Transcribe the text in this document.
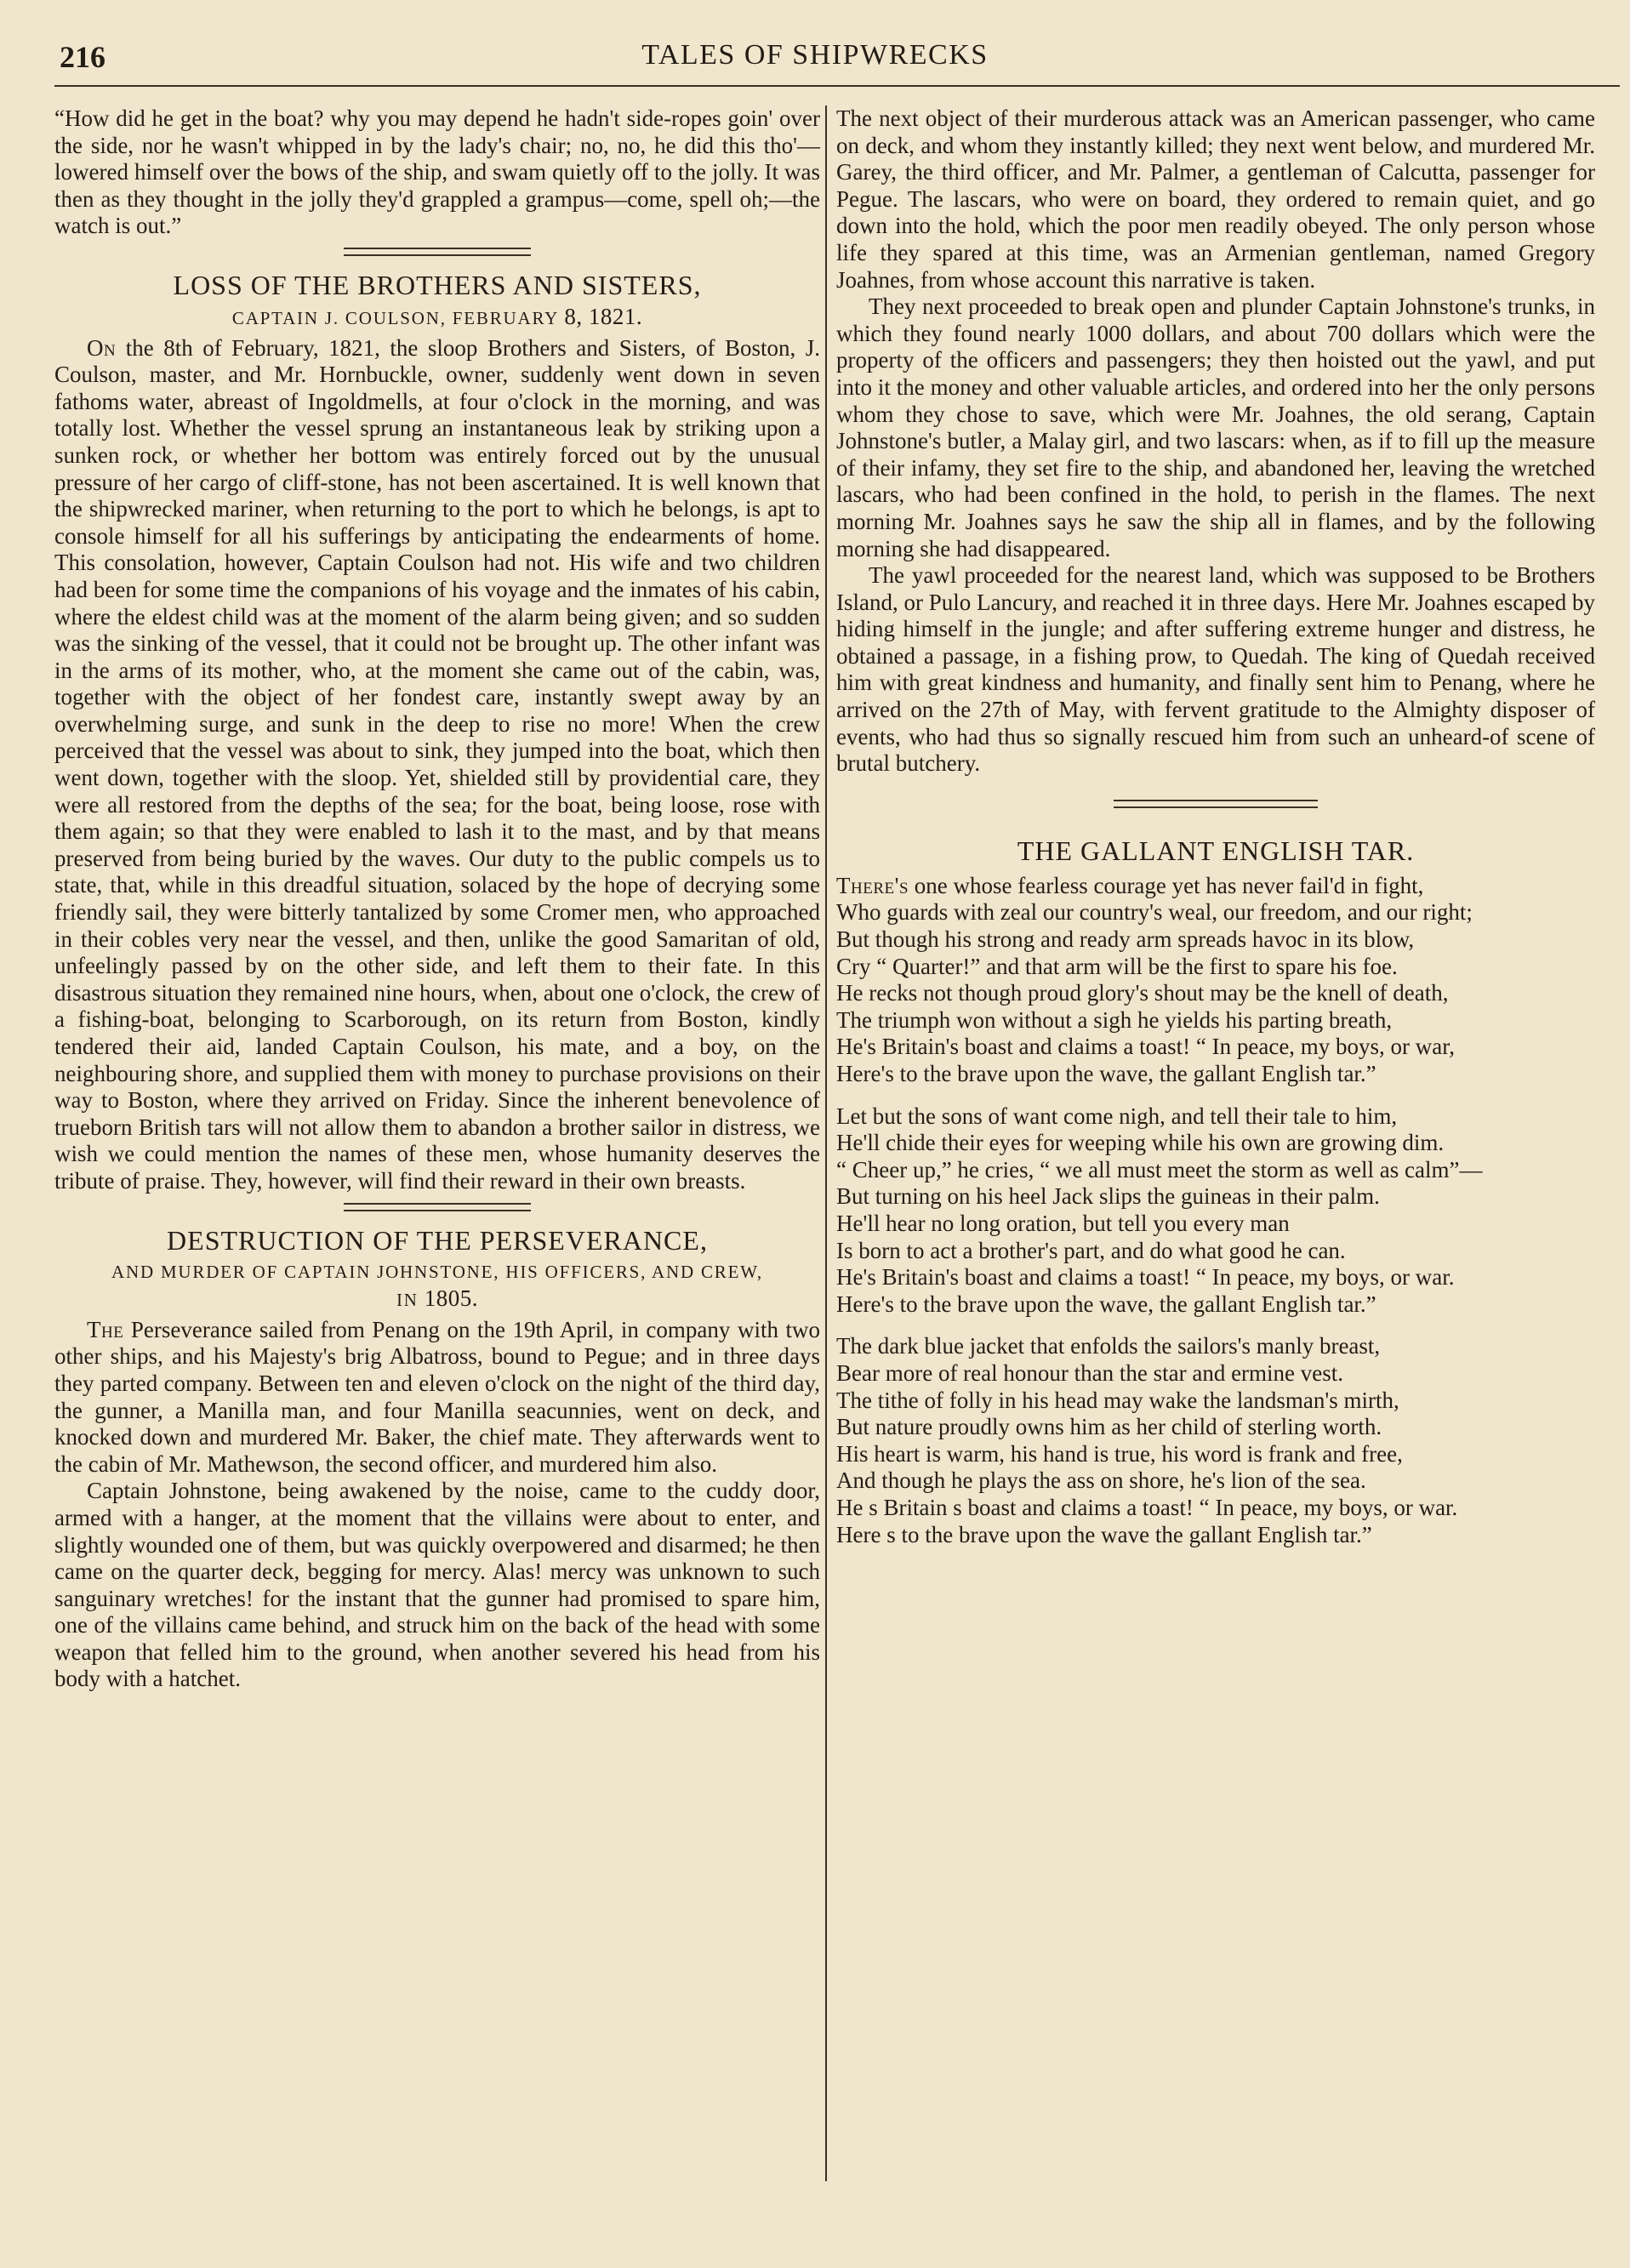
216	TALES OF SHIPWRECKS

“How did he get in the boat? why you may depend he hadn't side-ropes goin' over the side, nor he wasn't whipped in by the lady's chair; no, no, he did this tho'—lowered himself over the bows of the ship, and swam quietly off to the jolly. It was then as they thought in the jolly they'd grappled a grampus—come, spell oh;—the watch is out.”

LOSS OF THE BROTHERS AND SISTERS,
CAPTAIN J. COULSON, FEBRUARY 8, 1821.

On the 8th of February, 1821, the sloop Brothers and Sisters, of Boston, J. Coulson, master, and Mr. Hornbuckle, owner, suddenly went down in seven fathoms water, abreast of Ingoldmells, at four o'clock in the morning, and was totally lost. Whether the vessel sprung an instantaneous leak by striking upon a sunken rock, or whether her bottom was entirely forced out by the unusual pressure of her cargo of cliff-stone, has not been ascertained. It is well known that the shipwrecked mariner, when returning to the port to which he belongs, is apt to console himself for all his sufferings by anticipating the endearments of home. This consolation, however, Captain Coulson had not. His wife and two children had been for some time the companions of his voyage and the inmates of his cabin, where the eldest child was at the moment of the alarm being given; and so sudden was the sinking of the vessel, that it could not be brought up. The other infant was in the arms of its mother, who, at the moment she came out of the cabin, was, together with the object of her fondest care, instantly swept away by an overwhelming surge, and sunk in the deep to rise no more! When the crew perceived that the vessel was about to sink, they jumped into the boat, which then went down, together with the sloop. Yet, shielded still by providential care, they were all restored from the depths of the sea; for the boat, being loose, rose with them again; so that they were enabled to lash it to the mast, and by that means preserved from being buried by the waves. Our duty to the public compels us to state, that, while in this dreadful situation, solaced by the hope of decrying some friendly sail, they were bitterly tantalized by some Cromer men, who approached in their cobles very near the vessel, and then, unlike the good Samaritan of old, unfeelingly passed by on the other side, and left them to their fate. In this disastrous situation they remained nine hours, when, about one o'clock, the crew of a fishing-boat, belonging to Scarborough, on its return from Boston, kindly tendered their aid, landed Captain Coulson, his mate, and a boy, on the neighbouring shore, and supplied them with money to purchase provisions on their way to Boston, where they arrived on Friday. Since the inherent benevolence of trueborn British tars will not allow them to abandon a brother sailor in distress, we wish we could mention the names of these men, whose humanity deserves the tribute of praise. They, however, will find their reward in their own breasts.

DESTRUCTION OF THE PERSEVERANCE,
AND MURDER OF CAPTAIN JOHNSTONE, HIS OFFICERS, AND CREW,
IN 1805.

The Perseverance sailed from Penang on the 19th April, in company with two other ships, and his Majesty's brig Albatross, bound to Pegue; and in three days they parted company. Between ten and eleven o'clock on the night of the third day, the gunner, a Manilla man, and four Manilla seacunnies, went on deck, and knocked down and murdered Mr. Baker, the chief mate. They afterwards went to the cabin of Mr. Mathewson, the second officer, and murdered him also.

Captain Johnstone, being awakened by the noise, came to the cuddy door, armed with a hanger, at the moment that the villains were about to enter, and slightly wounded one of them, but was quickly overpowered and disarmed; he then came on the quarter deck, begging for mercy. Alas! mercy was unknown to such sanguinary wretches! for the instant that the gunner had promised to spare him, one of the villains came behind, and struck him on the back of the head with some weapon that felled him to the ground, when another severed his head from his body with a hatchet.

The next object of their murderous attack was an American passenger, who came on deck, and whom they instantly killed; they next went below, and murdered Mr. Garey, the third officer, and Mr. Palmer, a gentleman of Calcutta, passenger for Pegue. The lascars, who were on board, they ordered to remain quiet, and go down into the hold, which the poor men readily obeyed. The only person whose life they spared at this time, was an Armenian gentleman, named Gregory Joahnes, from whose account this narrative is taken.

They next proceeded to break open and plunder Captain Johnstone's trunks, in which they found nearly 1000 dollars, and about 700 dollars which were the property of the officers and passengers; they then hoisted out the yawl, and put into it the money and other valuable articles, and ordered into her the only persons whom they chose to save, which were Mr. Joahnes, the old serang, Captain Johnstone's butler, a Malay girl, and two lascars: when, as if to fill up the measure of their infamy, they set fire to the ship, and abandoned her, leaving the wretched lascars, who had been confined in the hold, to perish in the flames. The next morning Mr. Joahnes says he saw the ship all in flames, and by the following morning she had disappeared.

The yawl proceeded for the nearest land, which was supposed to be Brothers Island, or Pulo Lancury, and reached it in three days. Here Mr. Joahnes escaped by hiding himself in the jungle; and after suffering extreme hunger and distress, he obtained a passage, in a fishing prow, to Quedah. The king of Quedah received him with great kindness and humanity, and finally sent him to Penang, where he arrived on the 27th of May, with fervent gratitude to the Almighty disposer of events, who had thus so signally rescued him from such an unheard-of scene of brutal butchery.

THE GALLANT ENGLISH TAR.
There's one whose fearless courage yet has never fail'd in fight,
Who guards with zeal our country's weal, our freedom, and our right;
But though his strong and ready arm spreads havoc in its blow,
Cry “ Quarter!” and that arm will be the first to spare his foe.
He recks not though proud glory's shout may be the knell of death,
The triumph won without a sigh he yields his parting breath,
He's Britain's boast and claims a toast! “ In peace, my boys, or war,
Here's to the brave upon the wave, the gallant English tar.”
Let but the sons of want come nigh, and tell their tale to him,
He'll chide their eyes for weeping while his own are growing dim.
“ Cheer up,” he cries, “ we all must meet the storm as well as calm”—
But turning on his heel Jack slips the guineas in their palm.
He'll hear no long oration, but tell you every man
Is born to act a brother's part, and do what good he can.
He's Britain's boast and claims a toast! “ In peace, my boys, or war.
Here's to the brave upon the wave, the gallant English tar.”
The dark blue jacket that enfolds the sailors's manly breast,
Bear more of real honour than the star and ermine vest.
The tithe of folly in his head may wake the landsman's mirth,
But nature proudly owns him as her child of sterling worth.
His heart is warm, his hand is true, his word is frank and free,
And though he plays the ass on shore, he's lion of the sea.
He s Britain s boast and claims a toast! “ In peace, my boys, or war.
Here s to the brave upon the wave the gallant English tar.”
